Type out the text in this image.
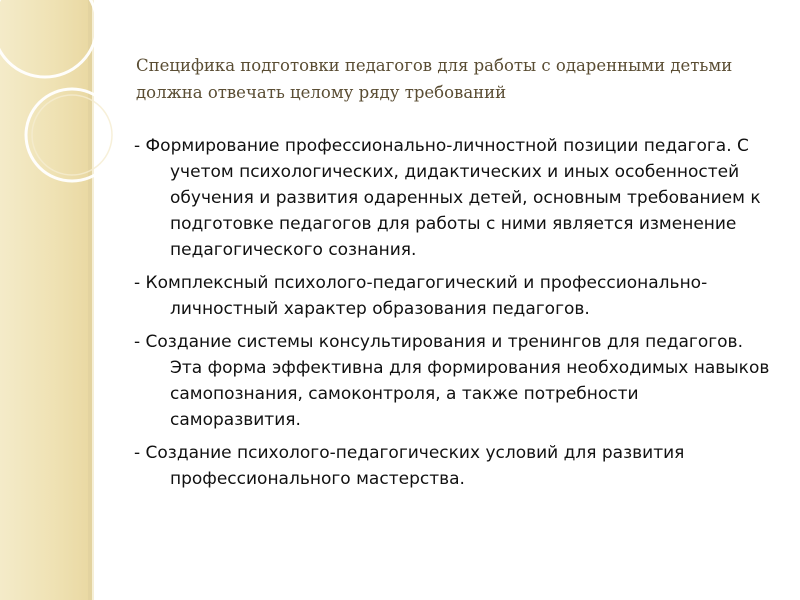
Специфика подготовки педагогов для работы с одаренными детьми должна отвечать целому ряду требований

- Формирование профессионально-личностной позиции педагога. С учетом психологических, дидактических и иных особенностей обучения и развития одаренных детей, основным требованием к подготовке педагогов для работы с ними является изменение педагогического сознания.

- Комплексный психолого-педагогический и профессионально-личностный характер образования педагогов.

- Создание системы консультирования и тренингов для педагогов. Эта форма эффективна для формирования необходимых навыков самопознания, самоконтроля, а также потребности саморазвития.

- Создание психолого-педагогических условий для развития профессионального мастерства.
